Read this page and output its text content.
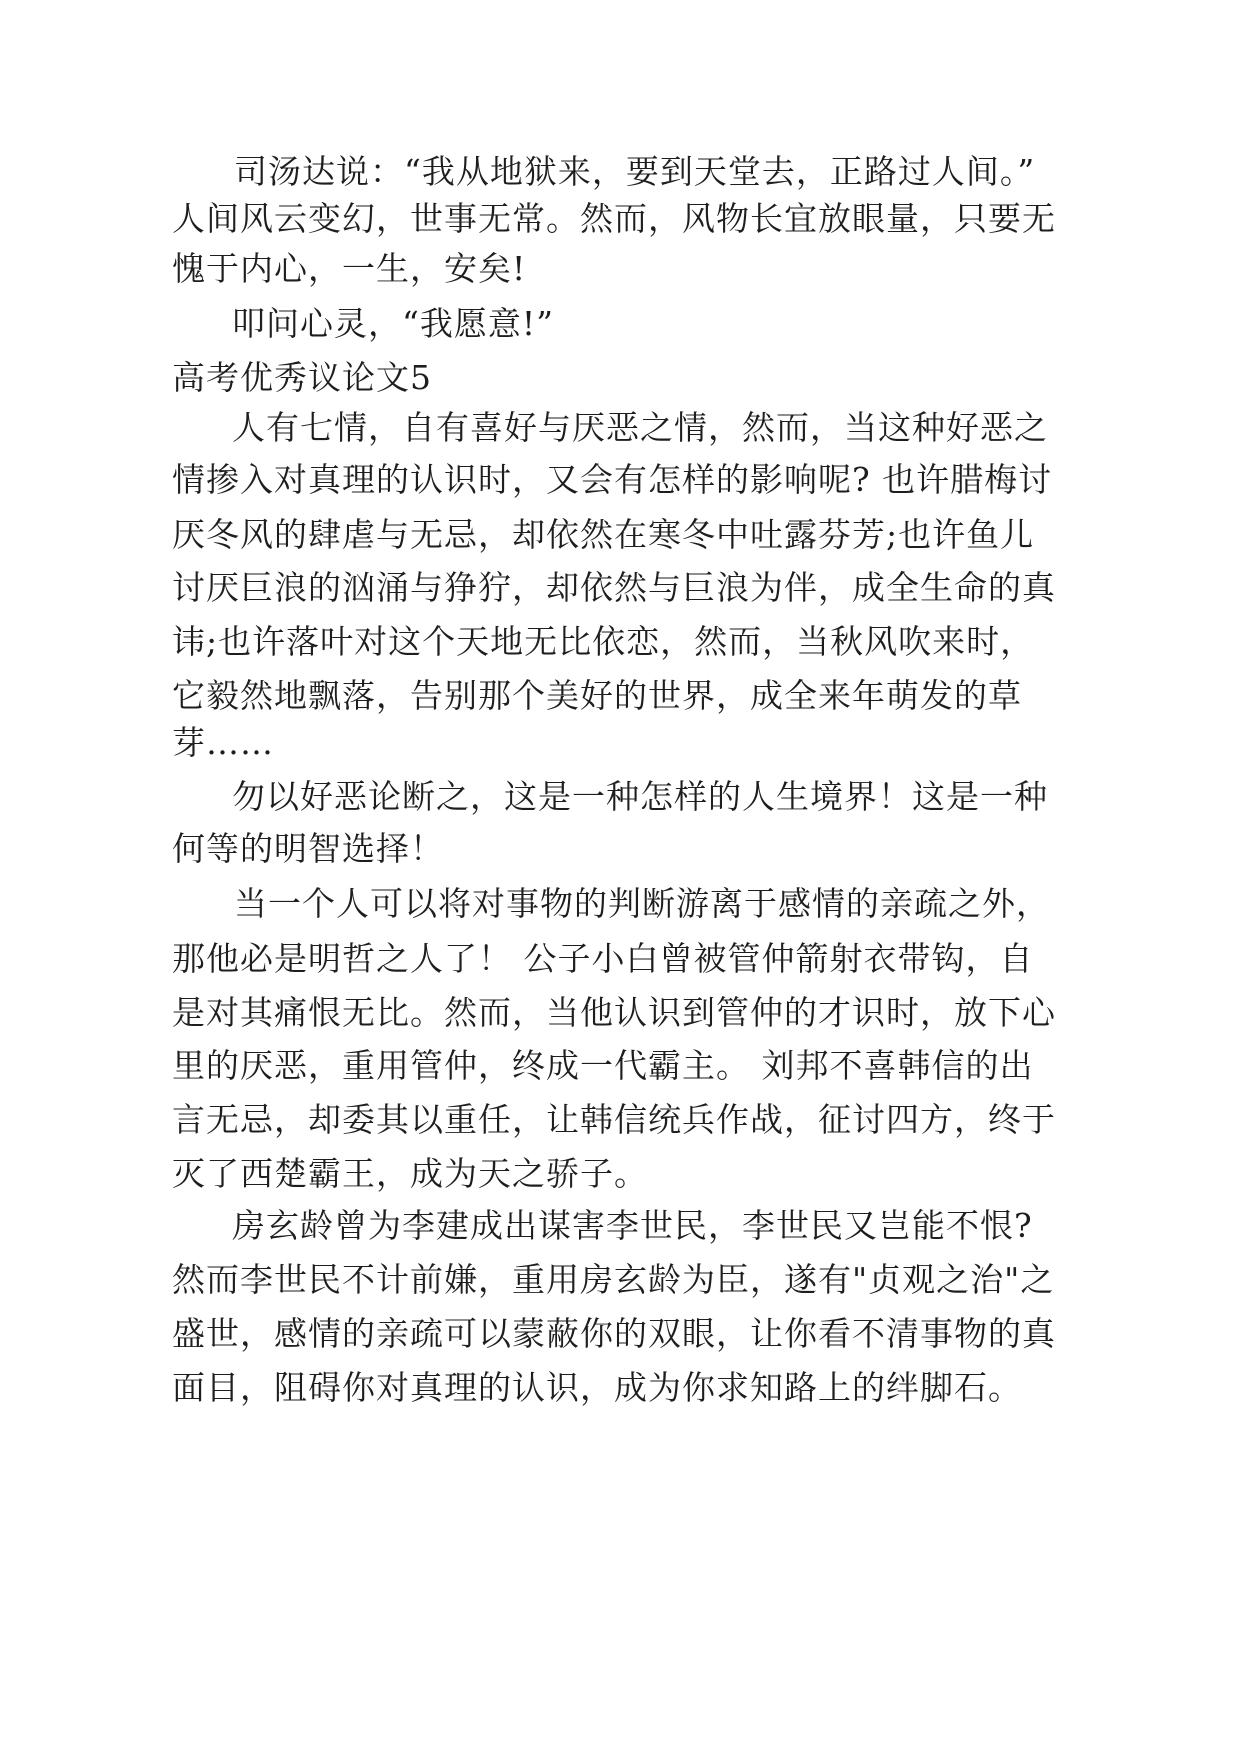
司汤达说：“我从地狱来，要到天堂去，正路过人间。”
人间风云变幻，世事无常。然而，风物长宜放眼量，只要无
愧于内心，一生，安矣!
叩问心灵，“我愿意!”
高考优秀议论文5
人有七情，自有喜好与厌恶之情，然而，当这种好恶之
情掺入对真理的认识时，又会有怎样的影响呢? 也许腊梅讨
厌冬风的肆虐与无忌，却依然在寒冬中吐露芬芳;也许鱼儿
讨厌巨浪的汹涌与狰狞，却依然与巨浪为伴，成全生命的真
讳;也许落叶对这个天地无比依恋，然而，当秋风吹来时，
它毅然地飘落，告别那个美好的世界，成全来年萌发的草
芽……
勿以好恶论断之，这是一种怎样的人生境界！这是一种
何等的明智选择！
当一个人可以将对事物的判断游离于感情的亲疏之外，
那他必是明哲之人了！ 公子小白曾被管仲箭射衣带钩，自
是对其痛恨无比。然而，当他认识到管仲的才识时，放下心
里的厌恶，重用管仲，终成一代霸主。 刘邦不喜韩信的出
言无忌，却委其以重任，让韩信统兵作战，征讨四方，终于
灭了西楚霸王，成为天之骄子。
房玄龄曾为李建成出谋害李世民，李世民又岂能不恨?
然而李世民不计前嫌，重用房玄龄为臣，遂有"贞观之治"之
盛世，感情的亲疏可以蒙蔽你的双眼，让你看不清事物的真
面目，阻碍你对真理的认识，成为你求知路上的绊脚石。
